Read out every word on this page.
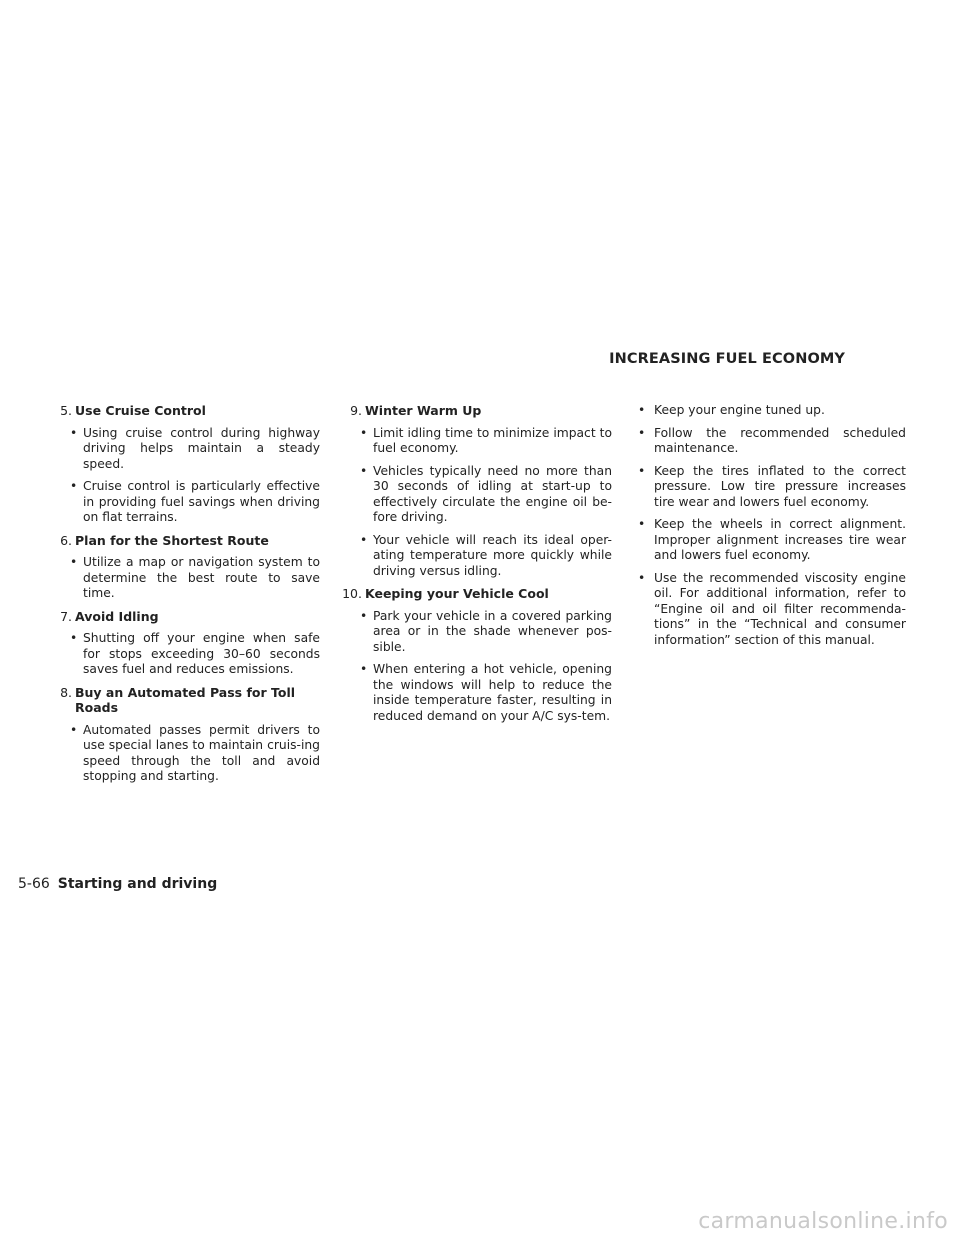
INCREASING FUEL ECONOMY
5. Use Cruise Control
• Using cruise control during highway driving helps maintain a steady speed.
• Cruise control is particularly effective in providing fuel savings when driving on flat terrains.
6. Plan for the Shortest Route
• Utilize a map or navigation system to determine the best route to save time.
7. Avoid Idling
• Shutting off your engine when safe for stops exceeding 30–60 seconds saves fuel and reduces emissions.
8. Buy an Automated Pass for Toll Roads
• Automated passes permit drivers to use special lanes to maintain cruis-ing speed through the toll and avoid stopping and starting.
9. Winter Warm Up
• Limit idling time to minimize impact to fuel economy.
• Vehicles typically need no more than 30 seconds of idling at start-up to effectively circulate the engine oil be-fore driving.
• Your vehicle will reach its ideal oper-ating temperature more quickly while driving versus idling.
10. Keeping your Vehicle Cool
• Park your vehicle in a covered parking area or in the shade whenever pos-sible.
• When entering a hot vehicle, opening the windows will help to reduce the inside temperature faster, resulting in reduced demand on your A/C sys-tem.
• Keep your engine tuned up.
• Follow the recommended scheduled maintenance.
• Keep the tires inflated to the correct pressure. Low tire pressure increases tire wear and lowers fuel economy.
• Keep the wheels in correct alignment. Improper alignment increases tire wear and lowers fuel economy.
• Use the recommended viscosity engine oil. For additional information, refer to “Engine oil and oil filter recommenda-tions” in the “Technical and consumer information” section of this manual.
5-66 Starting and driving
carmanualsonline.info
